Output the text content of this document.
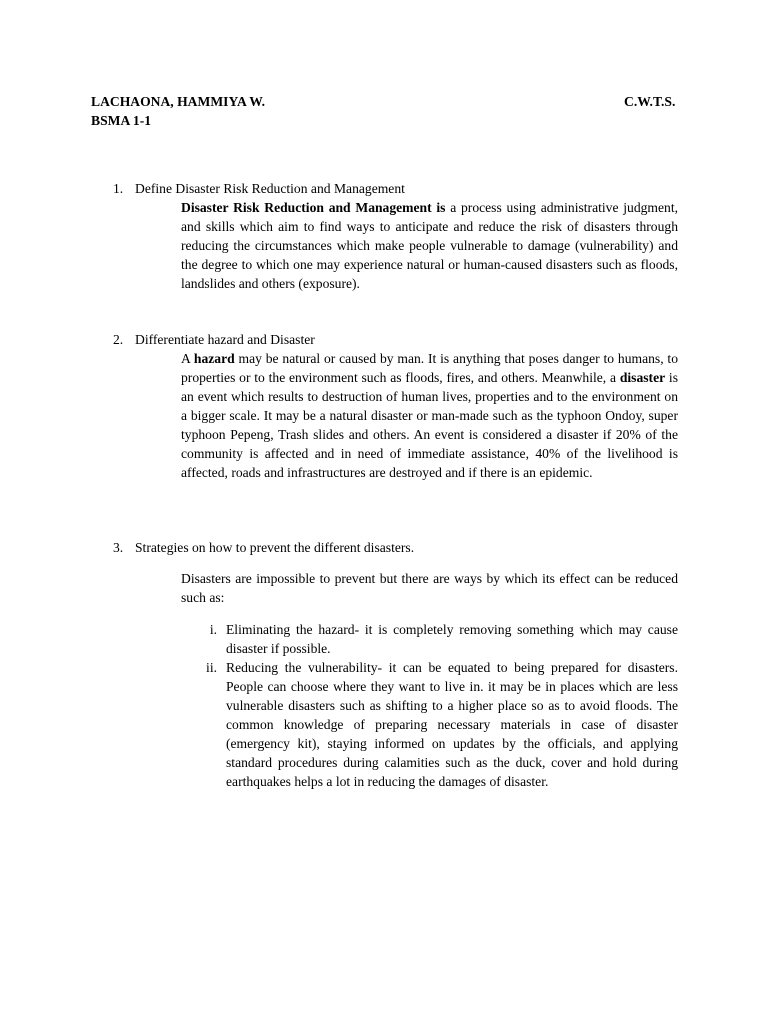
LACHAONA, HAMMIYA W.
BSMA 1-1
C.W.T.S.
1. Define Disaster Risk Reduction and Management

Disaster Risk Reduction and Management is a process using administrative judgment, and skills which aim to find ways to anticipate and reduce the risk of disasters through reducing the circumstances which make people vulnerable to damage (vulnerability) and the degree to which one may experience natural or human-caused disasters such as floods, landslides and others (exposure).

2. Differentiate hazard and Disaster

A hazard may be natural or caused by man. It is anything that poses danger to humans, to properties or to the environment such as floods, fires, and others. Meanwhile, a disaster is an event which results to destruction of human lives, properties and to the environment on a bigger scale. It may be a natural disaster or man-made such as the typhoon Ondoy, super typhoon Pepeng, Trash slides and others. An event is considered a disaster if 20% of the community is affected and in need of immediate assistance, 40% of the livelihood is affected, roads and infrastructures are destroyed and if there is an epidemic.

3. Strategies on how to prevent the different disasters.

Disasters are impossible to prevent but there are ways by which its effect can be reduced such as:

i. Eliminating the hazard- it is completely removing something which may cause disaster if possible.

ii. Reducing the vulnerability- it can be equated to being prepared for disasters. People can choose where they want to live in. it may be in places which are less vulnerable disasters such as shifting to a higher place so as to avoid floods. The common knowledge of preparing necessary materials in case of disaster (emergency kit), staying informed on updates by the officials, and applying standard procedures during calamities such as the duck, cover and hold during earthquakes helps a lot in reducing the damages of disaster.
